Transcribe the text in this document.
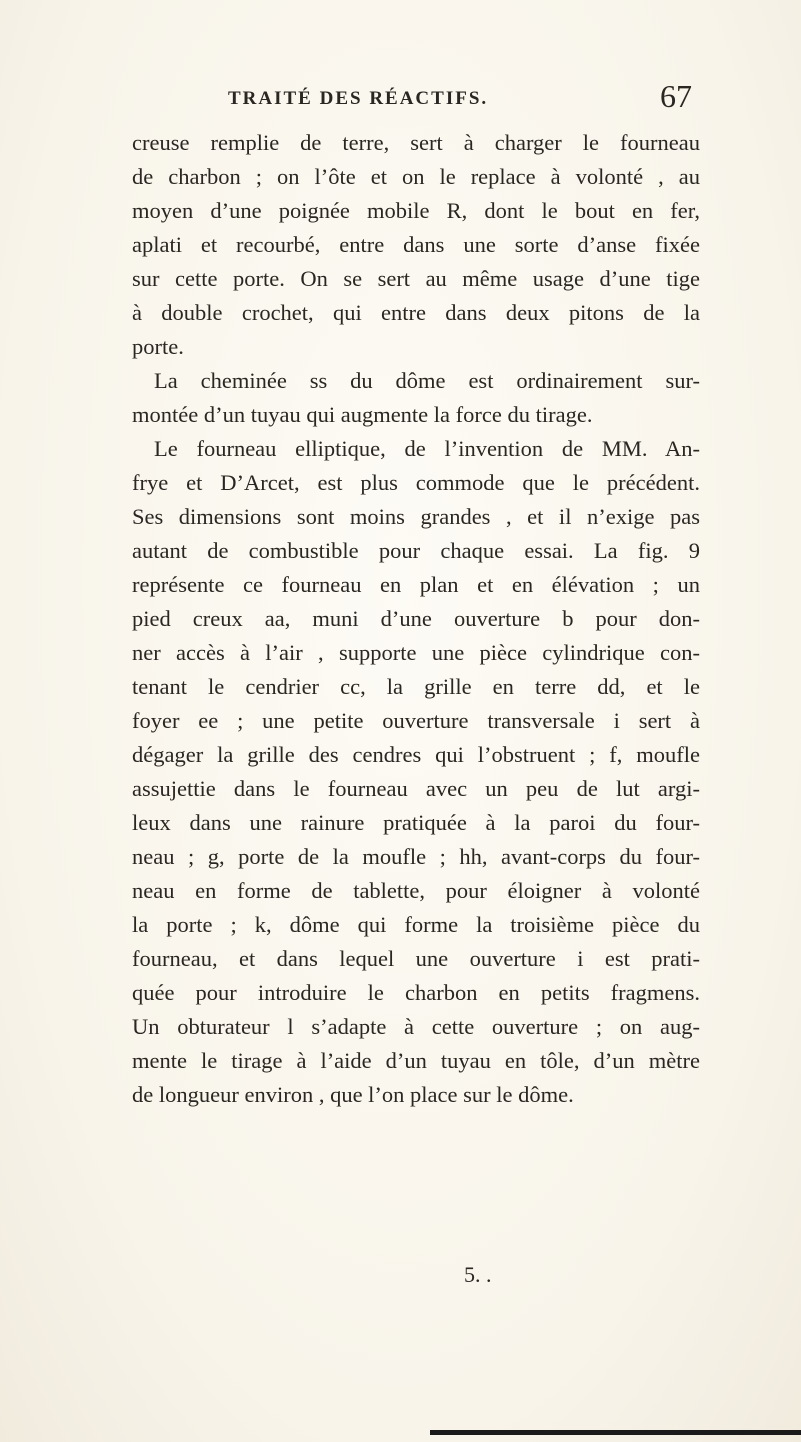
TRAITÉ DES RÉACTIFS.	67
creuse remplie de terre, sert à charger le fourneau
de charbon ; on l’ôte et on le replace à volonté , au
moyen d’une poignée mobile R, dont le bout en fer,
aplati et recourbé, entre dans une sorte d’anse fixée
sur cette porte. On se sert au même usage d’une tige
à double crochet, qui entre dans deux pitons de la
porte.
La cheminée ss du dôme est ordinairement sur-
montée d’un tuyau qui augmente la force du tirage.
Le fourneau elliptique, de l’invention de MM. An-
frye et D’Arcet, est plus commode que le précédent.
Ses dimensions sont moins grandes , et il n’exige pas
autant de combustible pour chaque essai. La fig. 9
représente ce fourneau en plan et en élévation ; un
pied creux aa, muni d’une ouverture b pour don-
ner accès à l’air , supporte une pièce cylindrique con-
tenant le cendrier cc, la grille en terre dd, et le
foyer ee ; une petite ouverture transversale i sert à
dégager la grille des cendres qui l’obstruent ; f, moufle
assujettie dans le fourneau avec un peu de lut argi-
leux dans une rainure pratiquée à la paroi du four-
neau ; g, porte de la moufle ; hh, avant-corps du four-
neau en forme de tablette, pour éloigner à volonté
la porte ; k, dôme qui forme la troisième pièce du
fourneau, et dans lequel une ouverture i est prati-
quée pour introduire le charbon en petits fragmens.
Un obturateur l s’adapte à cette ouverture ; on aug-
mente le tirage à l’aide d’un tuyau en tôle, d’un mètre
de longueur environ , que l’on place sur le dôme.
5. .
